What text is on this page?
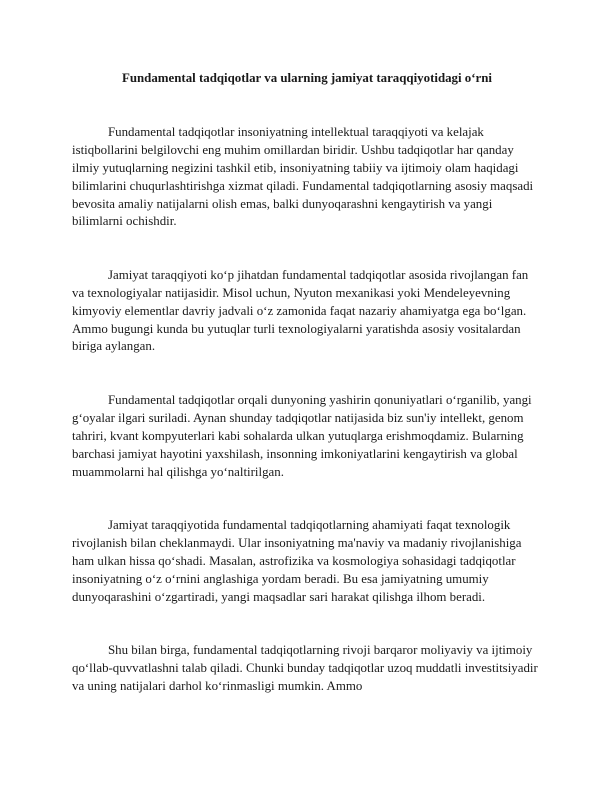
Fundamental tadqiqotlar va ularning jamiyat taraqqiyotidagi o‘rni

Fundamental tadqiqotlar insoniyatning intellektual taraqqiyoti va kelajak istiqbollarini belgilovchi eng muhim omillardan biridir. Ushbu tadqiqotlar har qanday ilmiy yutuqlarning negizini tashkil etib, insoniyatning tabiiy va ijtimoiy olam haqidagi bilimlarini chuqurlashtirishga xizmat qiladi. Fundamental tadqiqotlarning asosiy maqsadi bevosita amaliy natijalarni olish emas, balki dunyoqarashni kengaytirish va yangi bilimlarni ochishdir.

Jamiyat taraqqiyoti ko‘p jihatdan fundamental tadqiqotlar asosida rivojlangan fan va texnologiyalar natijasidir. Misol uchun, Nyuton mexanikasi yoki Mendeleyevning kimyoviy elementlar davriy jadvali o‘z zamonida faqat nazariy ahamiyatga ega bo‘lgan. Ammo bugungi kunda bu yutuqlar turli texnologiyalarni yaratishda asosiy vositalardan biriga aylangan.

Fundamental tadqiqotlar orqali dunyoning yashirin qonuniyatlari o‘rganilib, yangi g‘oyalar ilgari suriladi. Aynan shunday tadqiqotlar natijasida biz sun'iy intellekt, genom tahriri, kvant kompyuterlari kabi sohalarda ulkan yutuqlarga erishmoqdamiz. Bularning barchasi jamiyat hayotini yaxshilash, insonning imkoniyatlarini kengaytirish va global muammolarni hal qilishga yo‘naltirilgan.

Jamiyat taraqqiyotida fundamental tadqiqotlarning ahamiyati faqat texnologik rivojlanish bilan cheklanmaydi. Ular insoniyatning ma'naviy va madaniy rivojlanishiga ham ulkan hissa qo‘shadi. Masalan, astrofizika va kosmologiya sohasidagi tadqiqotlar insoniyatning o‘z o‘rnini anglashiga yordam beradi. Bu esa jamiyatning umumiy dunyoqarashini o‘zgartiradi, yangi maqsadlar sari harakat qilishga ilhom beradi.

Shu bilan birga, fundamental tadqiqotlarning rivoji barqaror moliyaviy va ijtimoiy qo‘llab-quvvatlashni talab qiladi. Chunki bunday tadqiqotlar uzoq muddatli investitsiyadir va uning natijalari darhol ko‘rinmasligi mumkin. Ammo
